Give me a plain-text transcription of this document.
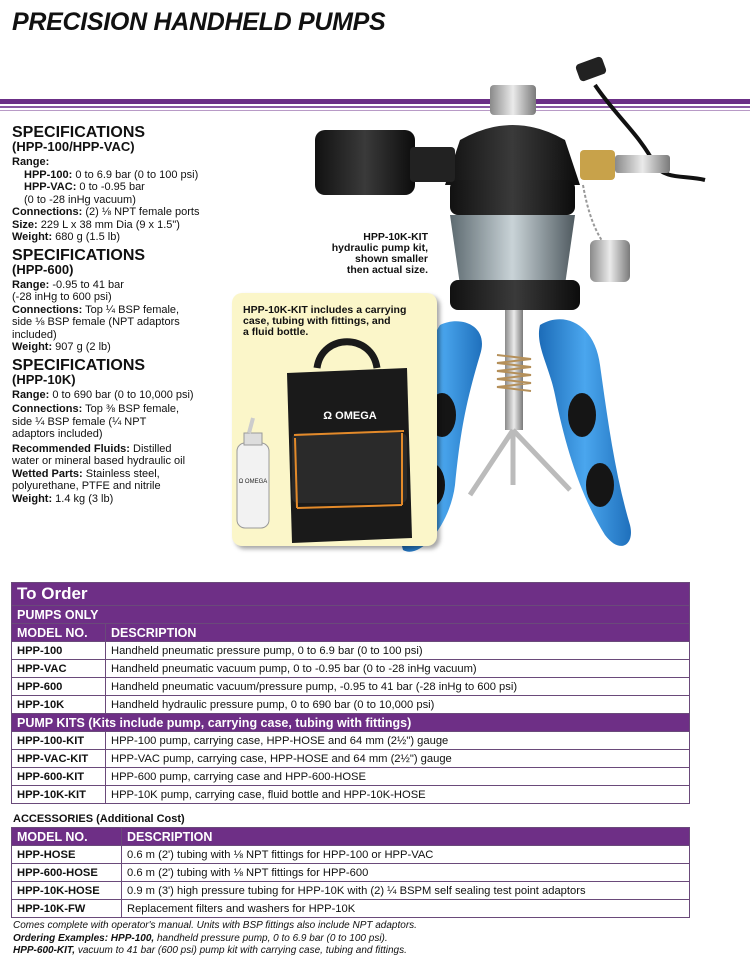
PRECISION HANDHELD PUMPS
SPECIFICATIONS
(HPP-100/HPP-VAC)
Range:
HPP-100: 0 to 6.9 bar (0 to 100 psi)
HPP-VAC: 0 to -0.95 bar
(0 to -28 inHg vacuum)
Connections: (2) ⅛ NPT female ports
Size: 229 L x 38 mm Dia (9 x 1.5")
Weight: 680 g (1.5 lb)
SPECIFICATIONS
(HPP-600)
Range: -0.95 to 41 bar
(-28 inHg to 600 psi)
Connections: Top ¼ BSP female,
side ⅛ BSP female (NPT adaptors
included)
Weight: 907 g (2 lb)
SPECIFICATIONS
(HPP-10K)
Range: 0 to 690 bar (0 to 10,000 psi)
Connections: Top ⅜ BSP female,
side ¼ BSP female (¼ NPT
adaptors included)
Recommended Fluids: Distilled
water or mineral based hydraulic oil
Wetted Parts: Stainless steel,
polyurethane, PTFE and nitrile
Weight: 1.4 kg (3 lb)
HPP-10K-KIT
hydraulic pump kit,
shown smaller
then actual size.
Ω OMEGA
Ω OMEGA
HPP-10K-KIT includes a carrying
case, tubing with fittings, and
a fluid bottle.
To Order	
PUMPS ONLY	
MODEL NO.	DESCRIPTION
HPP-100	Handheld pneumatic pressure pump, 0 to 6.9 bar (0 to 100 psi)
HPP-VAC	Handheld pneumatic vacuum pump, 0 to -0.95 bar (0 to -28 inHg vacuum)
HPP-600	Handheld pneumatic vacuum/pressure pump, -0.95 to 41 bar (-28 inHg to 600 psi)
HPP-10K	Handheld hydraulic pressure pump, 0 to 690 bar (0 to 10,000 psi)
PUMP KITS (Kits include pump, carrying case, tubing with fittings)	
HPP-100-KIT	HPP-100 pump, carrying case, HPP-HOSE and 64 mm (2½") gauge
HPP-VAC-KIT	HPP-VAC pump, carrying case, HPP-HOSE and 64 mm (2½") gauge
HPP-600-KIT	HPP-600 pump, carrying case and HPP-600-HOSE
HPP-10K-KIT	HPP-10K pump, carrying case, fluid bottle and HPP-10K-HOSE
ACCESSORIES (Additional Cost)
MODEL NO.	DESCRIPTION
HPP-HOSE	0.6 m (2') tubing with ⅛ NPT fittings for HPP-100 or HPP-VAC
HPP-600-HOSE	0.6 m (2') tubing with ⅛ NPT fittings for HPP-600
HPP-10K-HOSE	0.9 m (3') high pressure tubing for HPP-10K with (2) ¼ BSPM self sealing test point adaptors
HPP-10K-FW	Replacement filters and washers for HPP-10K
Comes complete with operator's manual. Units with BSP fittings also include NPT adaptors.
Ordering Examples: HPP-100, handheld pressure pump, 0 to 6.9 bar (0 to 100 psi).
HPP-600-KIT, vacuum to 41 bar (600 psi) pump kit with carrying case, tubing and fittings.
